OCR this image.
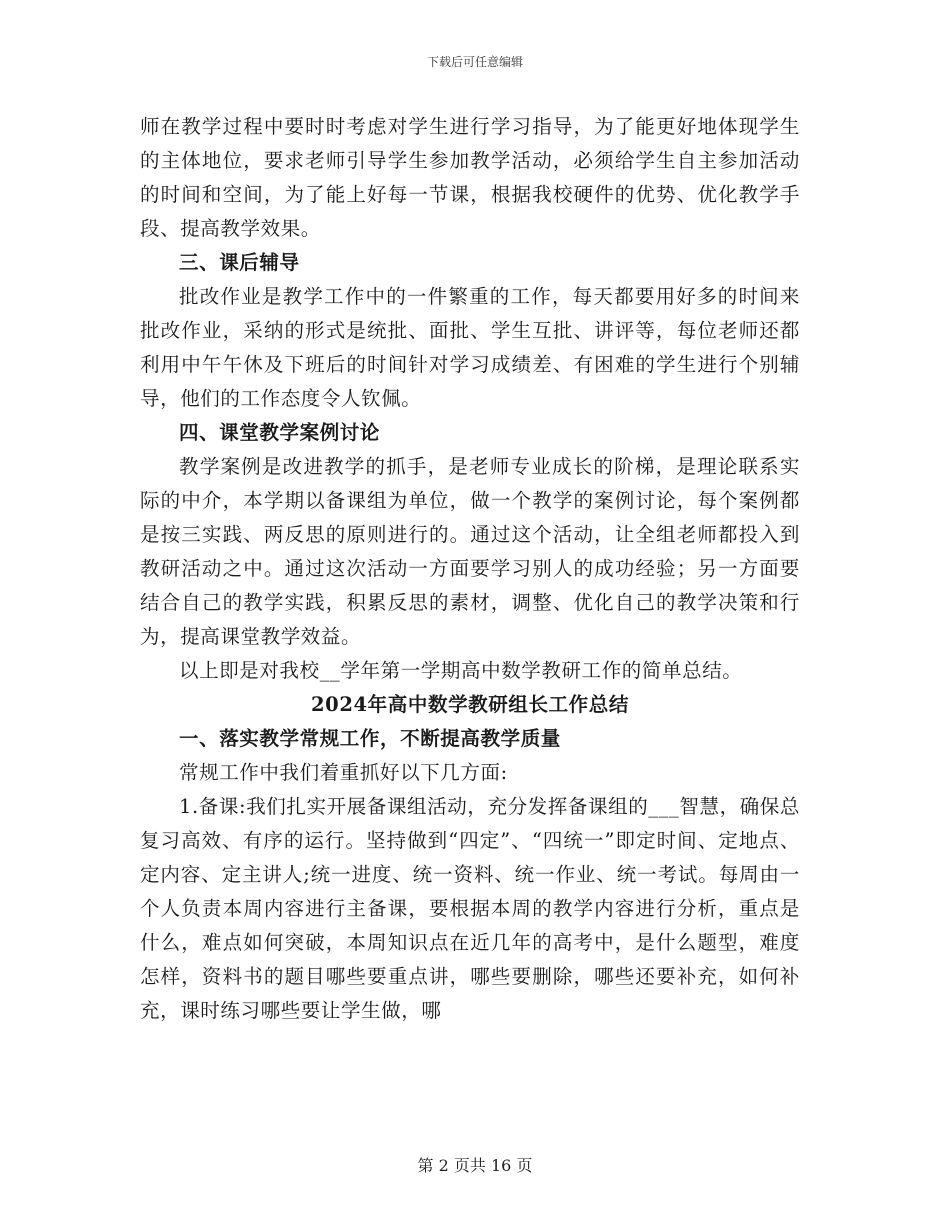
下载后可任意编辑

师在教学过程中要时时考虑对学生进行学习指导，为了能更好地体现学生的主体地位，要求老师引导学生参加教学活动，必须给学生自主参加活动的时间和空间，为了能上好每一节课，根据我校硬件的优势、优化教学手段、提高教学效果。

三、课后辅导

批改作业是教学工作中的一件繁重的工作，每天都要用好多的时间来批改作业，采纳的形式是统批、面批、学生互批、讲评等，每位老师还都利用中午午休及下班后的时间针对学习成绩差、有困难的学生进行个别辅导，他们的工作态度令人钦佩。

四、课堂教学案例讨论

教学案例是改进教学的抓手，是老师专业成长的阶梯，是理论联系实际的中介，本学期以备课组为单位，做一个教学的案例讨论，每个案例都是按三实践、两反思的原则进行的。通过这个活动，让全组老师都投入到教研活动之中。通过这次活动一方面要学习别人的成功经验；另一方面要结合自己的教学实践，积累反思的素材，调整、优化自己的教学决策和行为，提高课堂教学效益。

以上即是对我校__学年第一学期高中数学教研工作的简单总结。

2024年高中数学教研组长工作总结

一、落实教学常规工作，不断提高教学质量

常规工作中我们着重抓好以下几方面:

1.备课:我们扎实开展备课组活动，充分发挥备课组的___智慧，确保总复习高效、有序的运行。坚持做到“四定”、“四统一”即定时间、定地点、定内容、定主讲人;统一进度、统一资料、统一作业、统一考试。每周由一个人负责本周内容进行主备课，要根据本周的教学内容进行分析，重点是什么，难点如何突破，本周知识点在近几年的高考中，是什么题型，难度怎样，资料书的题目哪些要重点讲，哪些要删除，哪些还要补充，如何补充，课时练习哪些要让学生做，哪

第 2 页共 16 页
